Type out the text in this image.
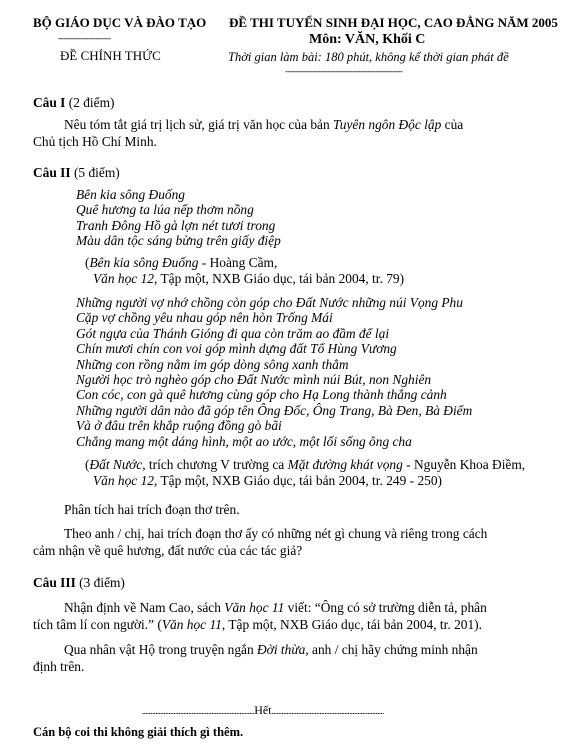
BỘ GIÁO DỤC VÀ ĐÀO TẠO
---------------------
ĐỀ CHÍNH THỨC
ĐỀ THI TUYỂN SINH ĐẠI HỌC, CAO ĐẲNG NĂM 2005
Môn: VĂN, Khối C
Thời gian làm bài: 180 phút, không kể thời gian phát đề
-----------------------------------------------
Câu I (2 điểm)
Nêu tóm tắt giá trị lịch sử, giá trị văn học của bản Tuyên ngôn Độc lập của
Chủ tịch Hồ Chí Minh.
Câu II (5 điểm)
Bên kia sông Đuống
Quê hương ta lúa nếp thơm nồng
Tranh Đông Hồ gà lợn nét tươi trong
Màu dân tộc sáng bừng trên giấy điệp
(Bên kia sông Đuống - Hoàng Cầm,
Văn học 12, Tập một, NXB Giáo dục, tái bản 2004, tr. 79)
Những người vợ nhớ chồng còn góp cho Đất Nước những núi Vọng Phu
Cặp vợ chồng yêu nhau góp nên hòn Trống Mái
Gót ngựa của Thánh Gióng đi qua còn trăm ao đầm để lại
Chín mươi chín con voi góp mình dựng đất Tổ Hùng Vương
Những con rồng nằm im góp dòng sông xanh thẳm
Người học trò nghèo góp cho Đất Nước mình núi Bút, non Nghiên
Con cóc, con gà quê hương cùng góp cho Hạ Long thành thắng cảnh
Những người dân nào đã góp tên Ông Đốc, Ông Trang, Bà Đen, Bà Điểm
Và ở đâu trên khắp ruộng đồng gò bãi
Chẳng mang một dáng hình, một ao ước, một lối sống ông cha
(Đất Nước, trích chương V trường ca Mặt đường khát vọng - Nguyễn Khoa Điềm,
Văn học 12, Tập một, NXB Giáo dục, tái bản 2004, tr. 249 - 250)
Phân tích hai trích đoạn thơ trên.
Theo anh / chị, hai trích đoạn thơ ấy có những nét gì chung và riêng trong cách
cảm nhận về quê hương, đất nước của các tác giả?
Câu III (3 điểm)
Nhận định về Nam Cao, sách Văn học 11 viết: “Ông có sở trường diễn tả, phân
tích tâm lí con người.” (Văn học 11, Tập một, NXB Giáo dục, tái bản 2004, tr. 201).
Qua nhân vật Hộ trong truyện ngắn Đời thừa, anh / chị hãy chứng minh nhận
định trên.
....................................................................Hết....................................................................
Cán bộ coi thi không giải thích gì thêm.
